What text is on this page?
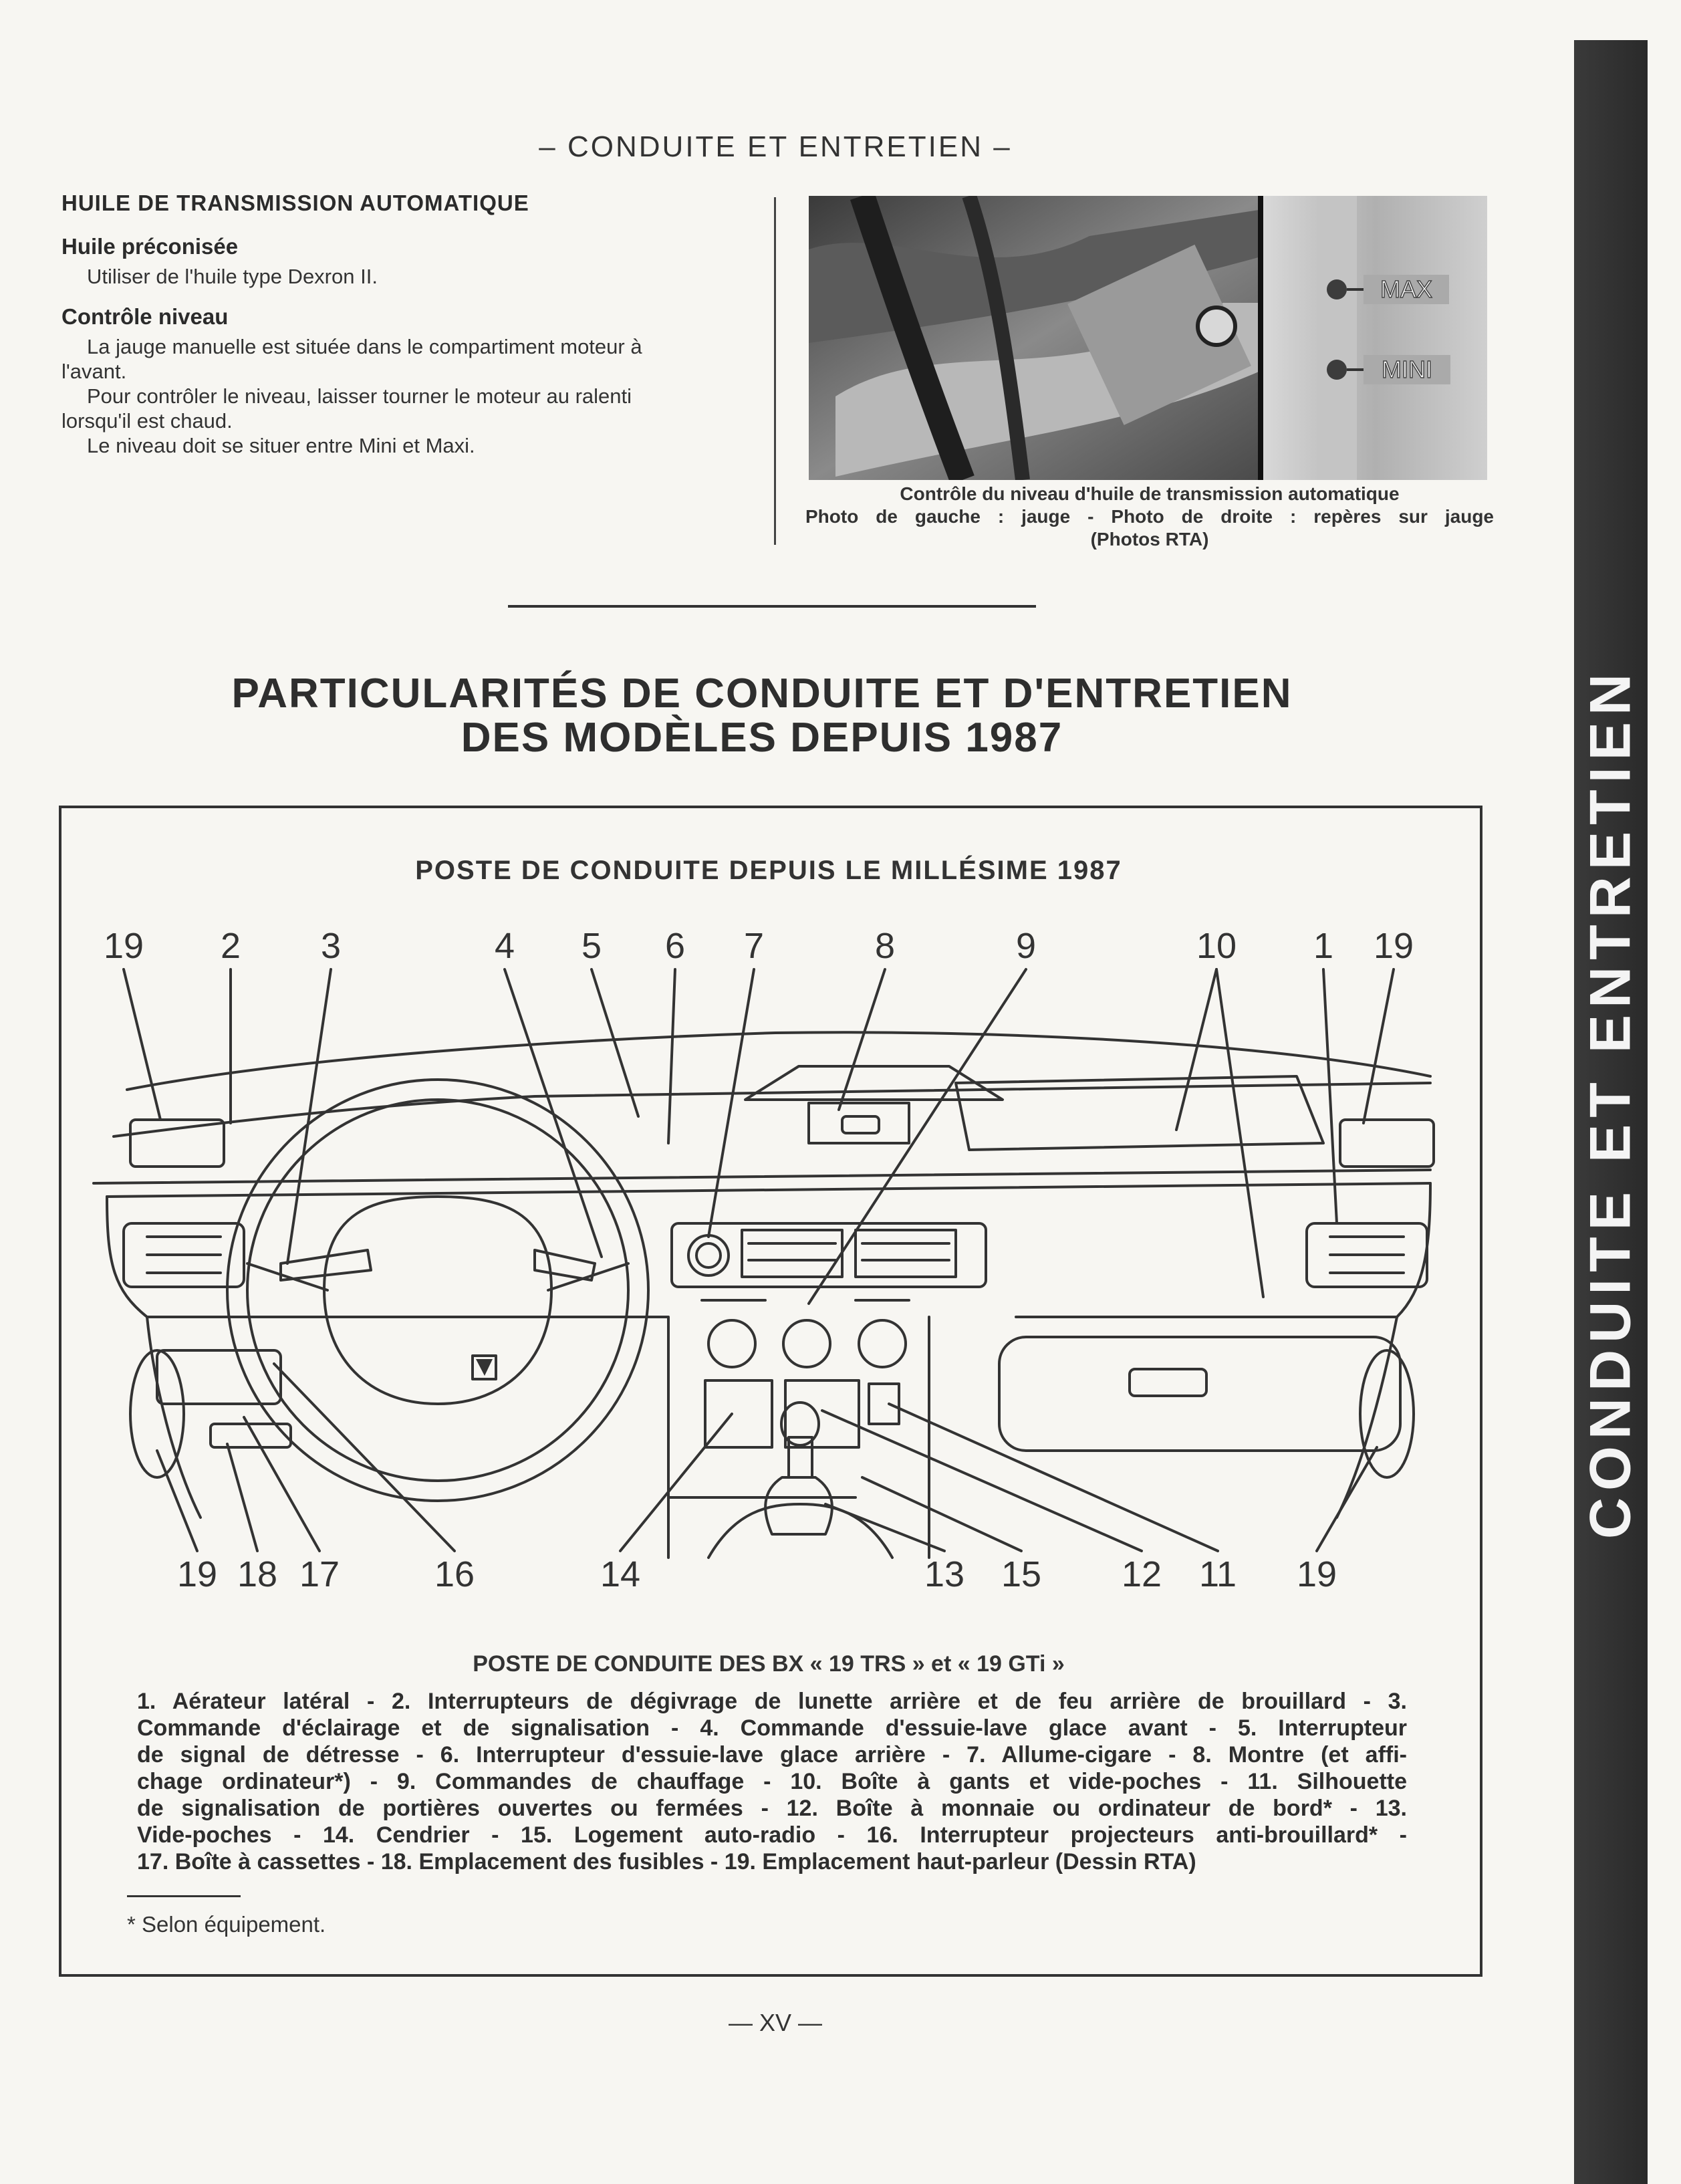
– CONDUITE ET ENTRETIEN –
HUILE DE TRANSMISSION AUTOMATIQUE
Huile préconisée
Utiliser de l'huile type Dexron II.
Contrôle niveau
La jauge manuelle est située dans le compartiment moteur à
l'avant.
Pour contrôler le niveau, laisser tourner le moteur au ralenti
lorsqu'il est chaud.
Le niveau doit se situer entre Mini et Maxi.
MAX
MINI
Contrôle du niveau d'huile de transmission automatique
Photo de gauche : jauge - Photo de droite : repères sur jauge
(Photos RTA)
PARTICULARITÉS DE CONDUITE ET D'ENTRETIEN
DES MODÈLES DEPUIS 1987
POSTE DE CONDUITE DEPUIS LE MILLÉSIME 1987
19 2 3	4 5 6 7	8	9	10 1 19
19 18 17	16	14	13 15 12 11 19
POSTE DE CONDUITE DES BX « 19 TRS » et « 19 GTi »
1. Aérateur latéral - 2. Interrupteurs de dégivrage de lunette arrière et de feu arrière de brouillard - 3.
Commande d'éclairage et de signalisation - 4. Commande d'essuie-lave glace avant - 5. Interrupteur
de signal de détresse - 6. Interrupteur d'essuie-lave glace arrière - 7. Allume-cigare - 8. Montre (et affi-
chage ordinateur*) - 9. Commandes de chauffage - 10. Boîte à gants et vide-poches - 11. Silhouette
de signalisation de portières ouvertes ou fermées - 12. Boîte à monnaie ou ordinateur de bord* - 13.
Vide-poches - 14. Cendrier - 15. Logement auto-radio - 16. Interrupteur projecteurs anti-brouillard* -
17. Boîte à cassettes - 18. Emplacement des fusibles - 19. Emplacement haut-parleur (Dessin RTA)
* Selon équipement.
— XV —
CONDUITE ET ENTRETIEN
